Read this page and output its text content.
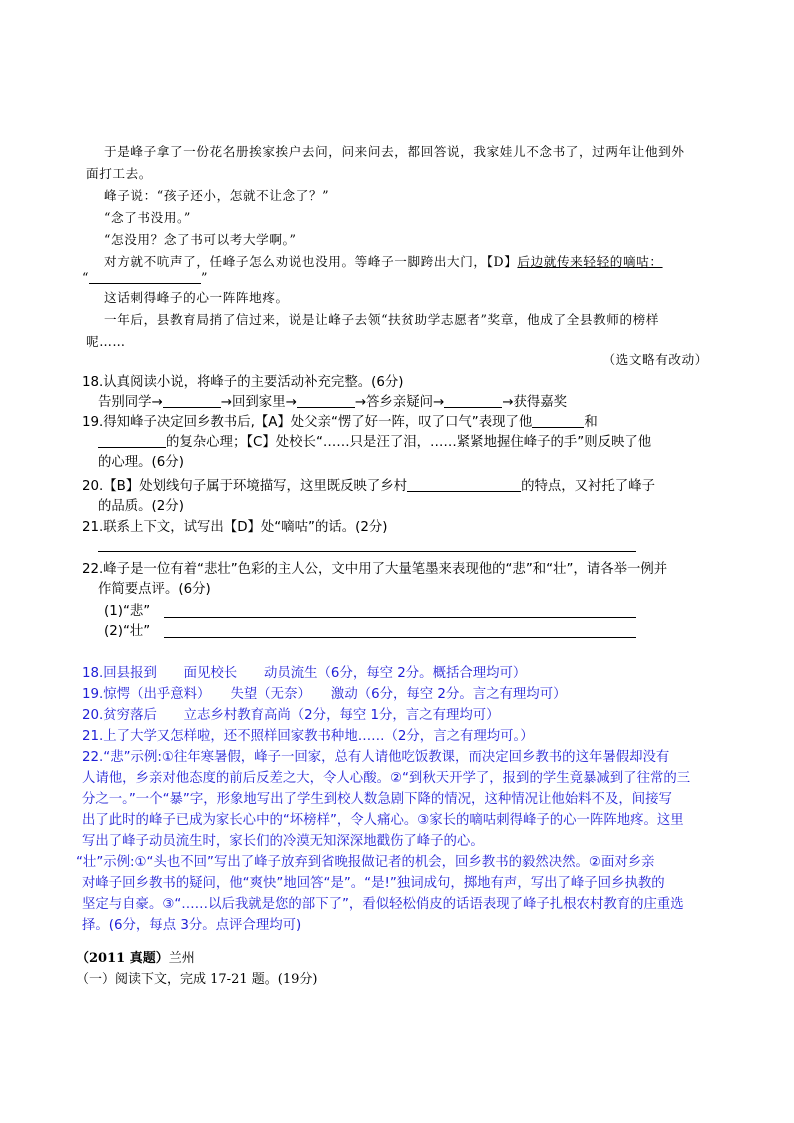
于是峰子拿了一份花名册挨家挨户去问，问来问去，都回答说，我家娃儿不念书了，过两年让他到外
面打工去。
峰子说：“孩子还小，怎就不让念了？”
“念了书没用。”
“怎没用？念了书可以考大学啊。”
对方就不吭声了，任峰子怎么劝说也没用。等峰子一脚跨出大门，【D】后边就传来轻轻的嘀咕：
“	”
这话刺得峰子的心一阵阵地疼。
一年后，县教育局捎了信过来，说是让峰子去领“扶贫助学志愿者”奖章，他成了全县教师的榜样
呢……
（选文略有改动）
18.认真阅读小说，将峰子的主要活动补充完整。(6分)
告别同学→	→回到家里→	→答乡亲疑问→	→获得嘉奖
19.得知峰子决定回乡教书后,【A】处父亲“愣了好一阵，叹了口气”表现了他	和
的复杂心理；【C】处校长“……只是汪了泪，……紧紧地握住峰子的手”则反映了他
的心理。(6分)
20.【B】处划线句子属于环境描写，这里既反映了乡村	的特点，又衬托了峰子
的品质。(2分)
21.联系上下文，试写出【D】处“嘀咕”的话。(2分)
22.峰子是一位有着“悲壮”色彩的主人公，文中用了大量笔墨来表现他的“悲”和“壮”，请各举一例并
作简要点评。(6分)
(1)“悲”
(2)“壮”
18.回县报到　　面见校长　　动员流生（6分，每空 2分。概括合理均可）
19.惊愕（出乎意料）　　失望（无奈）　　激动（6分，每空 2分。言之有理均可）
20.贫穷落后　　立志乡村教育高尚（2分，每空 1分，言之有理均可）
21.上了大学又怎样啦，还不照样回家教书种地……（2分，言之有理均可。）
22.“悲”示例:①往年寒暑假，峰子一回家，总有人请他吃饭教课，而决定回乡教书的这年暑假却没有
人请他，乡亲对他态度的前后反差之大，令人心酸。②“到秋天开学了，报到的学生竟暴减到了往常的三
分之一。”一个“暴”字，形象地写出了学生到校人数急剧下降的情况，这种情况让他始料不及，间接写
出了此时的峰子已成为家长心中的“坏榜样”，令人痛心。③家长的嘀咕刺得峰子的心一阵阵地疼。这里
写出了峰子动员流生时，家长们的冷漠无知深深地戳伤了峰子的心。
“壮”示例:①“头也不回”写出了峰子放弃到省晚报做记者的机会，回乡教书的毅然决然。②面对乡亲
对峰子回乡教书的疑问，他“爽快”地回答“是”。“是!”独词成句，掷地有声，写出了峰子回乡执教的
坚定与自豪。③“……以后我就是您的部下了”，看似轻松俏皮的话语表现了峰子扎根农村教育的庄重选
择。(6分，每点 3分。点评合理均可)
（2011 真题）兰州
（一）阅读下文，完成 17-21 题。(19分)
